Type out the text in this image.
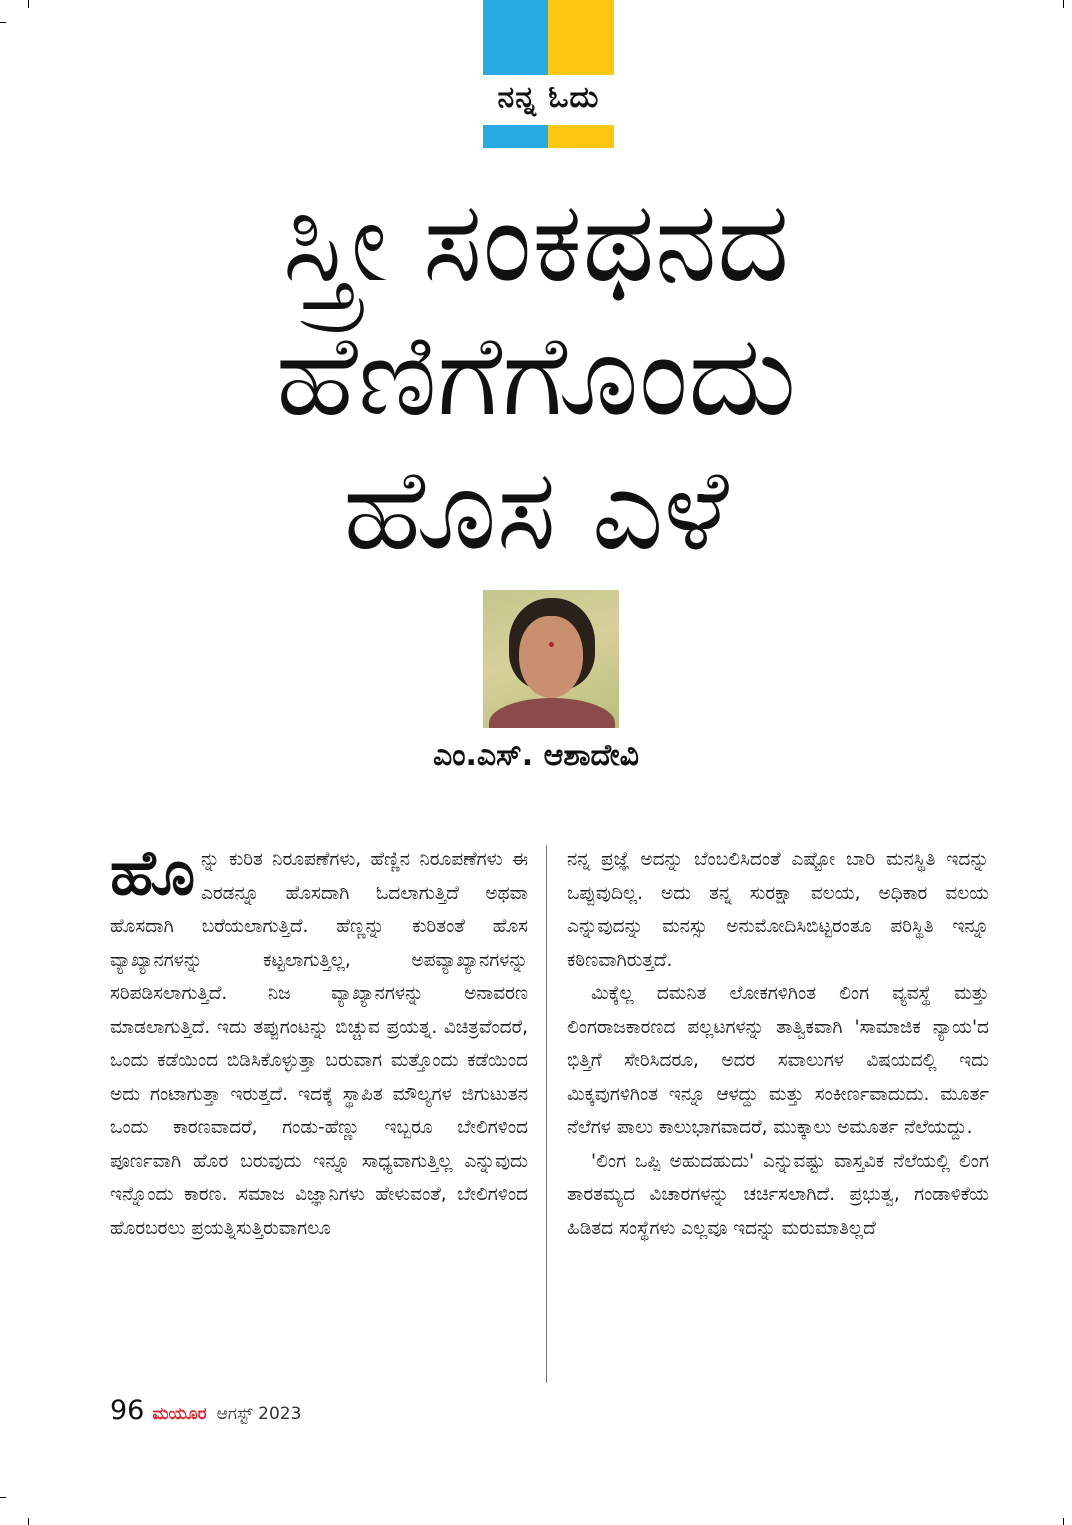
ನನ್ನ ಓದು
ಸ್ತ್ರೀ ಸಂಕಥನದ
ಹೆಣಿಗೆಗೊಂದು
ಹೊಸ ಎಳೆ
ಎಂ.ಎಸ್. ಆಶಾದೇವಿ

ಹೊನ್ನು ಕುರಿತ ನಿರೂಪಣೆಗಳು, ಹೆಣ್ಣಿನ ನಿರೂಪಣೆಗಳು ಈ ಎರಡನ್ನೂ ಹೊಸದಾಗಿ ಓದಲಾಗುತ್ತಿದೆ ಅಥವಾ ಹೊಸದಾಗಿ ಬರೆಯಲಾಗುತ್ತಿದೆ. ಹೆಣ್ಣನ್ನು ಕುರಿತಂತೆ ಹೊಸ ವ್ಯಾಖ್ಯಾನಗಳನ್ನು ಕಟ್ಟಲಾಗುತ್ತಿಲ್ಲ, ಅಪವ್ಯಾಖ್ಯಾನಗಳನ್ನು ಸರಿಪಡಿಸಲಾಗುತ್ತಿದೆ. ನಿಜ ವ್ಯಾಖ್ಯಾನಗಳನ್ನು ಅನಾವರಣ ಮಾಡಲಾಗುತ್ತಿದೆ. ಇದು ತಪ್ಪುಗಂಟನ್ನು ಬಿಚ್ಚುವ ಪ್ರಯತ್ನ. ವಿಚಿತ್ರವೆಂದರೆ, ಒಂದು ಕಡೆಯಿಂದ ಬಿಡಿಸಿಕೊಳ್ಳುತ್ತಾ ಬರುವಾಗ ಮತ್ತೊಂದು ಕಡೆಯಿಂದ ಅದು ಗಂಟಾಗುತ್ತಾ ಇರುತ್ತದೆ. ಇದಕ್ಕೆ ಸ್ಥಾಪಿತ ಮೌಲ್ಯಗಳ ಜಿಗುಟುತನ ಒಂದು ಕಾರಣವಾದರೆ, ಗಂಡು-ಹೆಣ್ಣು ಇಬ್ಬರೂ ಬೇಲಿಗಳಿಂದ ಪೂರ್ಣವಾಗಿ ಹೊರ ಬರುವುದು ಇನ್ನೂ ಸಾಧ್ಯವಾಗುತ್ತಿಲ್ಲ ಎನ್ನುವುದು ಇನ್ನೊಂದು ಕಾರಣ. ಸಮಾಜ ವಿಜ್ಞಾನಿಗಳು ಹೇಳುವಂತೆ, ಬೇಲಿಗಳಿಂದ ಹೊರಬರಲು ಪ್ರಯತ್ನಿಸುತ್ತಿರುವಾಗಲೂ

ನನ್ನ ಪ್ರಜ್ಞೆ ಅದನ್ನು ಬೆಂಬಲಿಸಿದಂತೆ ಎಷ್ಟೋ ಬಾರಿ ಮನಸ್ಥಿತಿ ಇದನ್ನು ಒಪ್ಪುವುದಿಲ್ಲ. ಅದು ತನ್ನ ಸುರಕ್ಷಾ ವಲಯ, ಅಧಿಕಾರ ವಲಯ ಎನ್ನುವುದನ್ನು ಮನಸ್ಸು ಅನುಮೋದಿಸಿಬಿಟ್ಟರಂತೂ ಪರಿಸ್ಥಿತಿ ಇನ್ನೂ ಕಠಿಣವಾಗಿರುತ್ತದೆ.

ಮಿಕ್ಕೆಲ್ಲ ದಮನಿತ ಲೋಕಗಳಿಗಿಂತ ಲಿಂಗ ವ್ಯವಸ್ಥೆ ಮತ್ತು ಲಿಂಗರಾಜಕಾರಣದ ಪಲ್ಲಟಗಳನ್ನು ತಾತ್ವಿಕವಾಗಿ 'ಸಾಮಾಜಿಕ ನ್ಯಾಯ'ದ ಭಿತ್ತಿಗೆ ಸೇರಿಸಿದರೂ, ಅದರ ಸವಾಲುಗಳ ವಿಷಯದಲ್ಲಿ ಇದು ಮಿಕ್ಕವುಗಳಿಗಿಂತ ಇನ್ನೂ ಆಳದ್ದು ಮತ್ತು ಸಂಕೀರ್ಣವಾದುದು. ಮೂರ್ತ ನೆಲೆಗಳ ಪಾಲು ಕಾಲುಭಾಗವಾದರೆ, ಮುಕ್ಕಾಲು ಅಮೂರ್ತ ನೆಲೆಯದ್ದು.

'ಲಿಂಗ ಒಪ್ಪಿ ಅಹುದಹುದು' ಎನ್ನುವಷ್ಟು ವಾಸ್ತವಿಕ ನೆಲೆಯಲ್ಲಿ ಲಿಂಗ ತಾರತಮ್ಯದ ವಿಚಾರಗಳನ್ನು ಚರ್ಚಿಸಲಾಗಿದೆ. ಪ್ರಭುತ್ವ, ಗಂಡಾಳಿಕೆಯ ಹಿಡಿತದ ಸಂಸ್ಥೆಗಳು ಎಲ್ಲವೂ ಇದನ್ನು ಮರುಮಾತಿಲ್ಲದೆ

96 ಮಯೂರ ಆಗಸ್ಟ್ 2023
